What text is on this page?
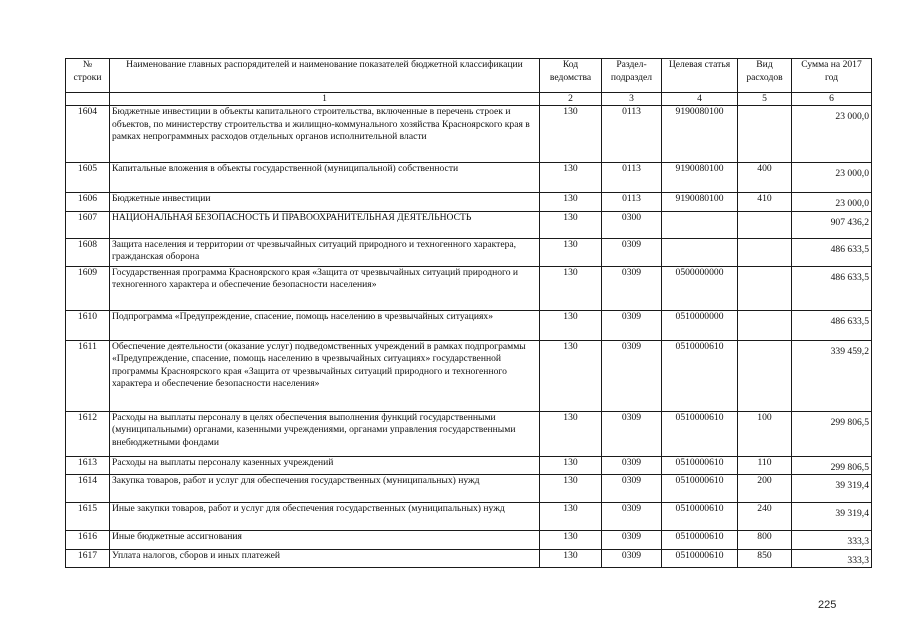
№ строки	Наименование главных распорядителей и наименование показателей бюджетной классификации	Код ведомства	Раздел-подраздел	Целевая статья	Вид расходов	Сумма на 2017 год
	1	2	3	4	5	6
1604	Бюджетные инвестиции в объекты капитального строительства, включенные в перечень строек и объектов, по министерству строительства и жилищно-коммунального хозяйства Красноярского края в рамках непрограммных расходов отдельных органов исполнительной власти	130	0113	9190080100		23 000,0

1605	Капитальные вложения в объекты государственной (муниципальной) собственности	130	0113	9190080100	400	23 000,0

1606	Бюджетные инвестиции	130	0113	9190080100	410	23 000,0

1607	НАЦИОНАЛЬНАЯ БЕЗОПАСНОСТЬ И ПРАВООХРАНИТЕЛЬНАЯ ДЕЯТЕЛЬНОСТЬ	130	0300			907 436,2

1608	Защита населения и территории от чрезвычайных ситуаций природного и техногенного характера, гражданская оборона	130	0309			486 633,5

1609	Государственная программа Красноярского края «Защита от чрезвычайных ситуаций природного и техногенного характера и обеспечение безопасности населения»	130	0309	0500000000		486 633,5

1610	Подпрограмма «Предупреждение, спасение, помощь населению в чрезвычайных ситуациях»	130	0309	0510000000		486 633,5

1611	Обеспечение деятельности (оказание услуг) подведомственных учреждений в рамках подпрограммы «Предупреждение, спасение, помощь населению в чрезвычайных ситуациях» государственной программы Красноярского края «Защита от чрезвычайных ситуаций природного и техногенного характера и обеспечение безопасности населения»	130	0309	0510000610		339 459,2

1612	Расходы на выплаты персоналу в целях обеспечения выполнения функций государственными (муниципальными) органами, казенными учреждениями, органами управления государственными внебюджетными фондами	130	0309	0510000610	100	299 806,5

1613	Расходы на выплаты персоналу казенных учреждений	130	0309	0510000610	110	299 806,5

1614	Закупка товаров, работ и услуг для обеспечения государственных (муниципальных) нужд	130	0309	0510000610	200	39 319,4

1615	Иные закупки товаров, работ и услуг для обеспечения государственных (муниципальных) нужд	130	0309	0510000610	240	39 319,4

1616	Иные бюджетные ассигнования	130	0309	0510000610	800	333,3

1617	Уплата налогов, сборов и иных платежей	130	0309	0510000610	850	333,3
225
